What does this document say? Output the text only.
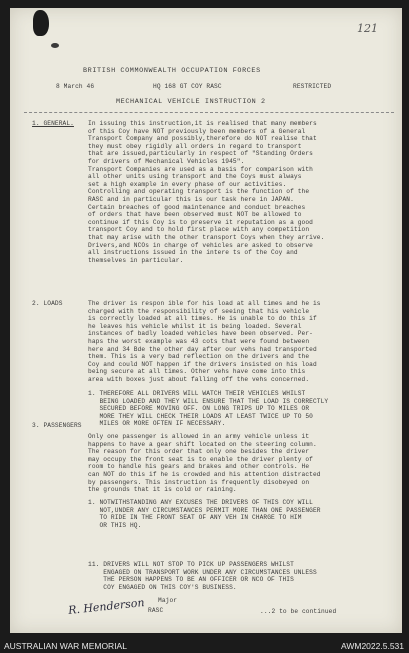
121
BRITISH COMMONWEALTH OCCUPATION FORCES
8 March 46	HQ 168 GT COY RASC	RESTRICTED
MECHANICAL VEHICLE INSTRUCTION 2
1. GENERAL. In issuing this instruction,it is realised that many members
of this Coy have NOT previously been members of a General
Transport Company and possibly,therefore do NOT realise that
they must obey rigidly all orders in regard to transport
that are issued,particularly in respect of "Standing Orders
for drivers of Mechanical Vehicles 1945".
Transport Companies are used as a basis for comparison with
all other units using transport and the Coys must always
set a high example in every phase of our activities.
Controlling and operating transport is the function of the
RASC and in particular this is our task here in JAPAN.
Certain breaches of good maintenance and conduct breaches
of orders that have been observed must NOT be allowed to
continue if this Coy is to preserve it reputation as a good
transport Coy and to hold first place with any competition
that may arise with the other transport Coys when they arrive.
Drivers,and NCOs in charge of vehicles are asked to observe
all instructions issued in the intere ts of the Coy and
themselves in particular.
2. LOADS	The driver is respon ible for his load at all times and he is
charged with the responsibility of seeing that his vehicle
is correctly loaded at all times. He is unable to do this if
he leaves his vehicle whilst it is being loaded. Several
instances of badly loaded vehicles have been observed. Per-
haps the worst example was 43 cots that were found between
here and 34 Bde the other day after our vehs had transported
them. This is a very bad reflection on the drivers and the
Coy and could NOT happen if the drivers insisted on his load
being secure at all times. Other vehs have come into this
area with boxes just about falling off the vehs concerned.
1. THEREFORE ALL DRIVERS WILL WATCH THEIR VEHICLES WHILST
BEING LOADED AND THEY WILL ENSURE THAT THE LOAD IS CORRECTLY
SECURED BEFORE MOVING OFF. ON LONG TRIPS UP TO MILES OR
MORE THEY WILL CHECK THEIR LOADS AT LEAST TWICE UP TO 50
MILES OR MORE OFTEN IF NECESSARY.
3. PASSENGERS
Only one passenger is allowed in an army vehicle unless it
happens to have a gear shift located on the steering column.
The reason for this order that only one besides the driver
may occupy the front seat is to enable the driver plenty of
room to handle his gears and brakes and other controls. He
can NOT do this if he is crowded and his attention distracted
by passengers. This instruction is frequently disobeyed on
the grounds that it is cold or raining.
1. NOTWITHSTANDING ANY EXCUSES THE DRIVERS OF THIS COY WILL
NOT,UNDER ANY CIRCUMSTANCES PERMIT MORE THAN ONE PASSENGER
TO RIDE IN THE FRONT SEAT OF ANY VEH IN CHARGE TO HIM
OR THIS HQ.
11. DRIVERS WILL NOT STOP TO PICK UP PASSENGERS WHILST
ENGAGED ON TRANSPORT WORK UNDER ANY CIRCUMSTANCES UNLESS
THE PERSON HAPPENS TO BE AN OFFICER OR NCO OF THIS
COY ENGAGED ON THIS COY'S BUSINESS.
R. Henderson Major
RASC	...2 to be continued
AUSTRALIAN WAR MEMORIAL	AWM2022.5.531
